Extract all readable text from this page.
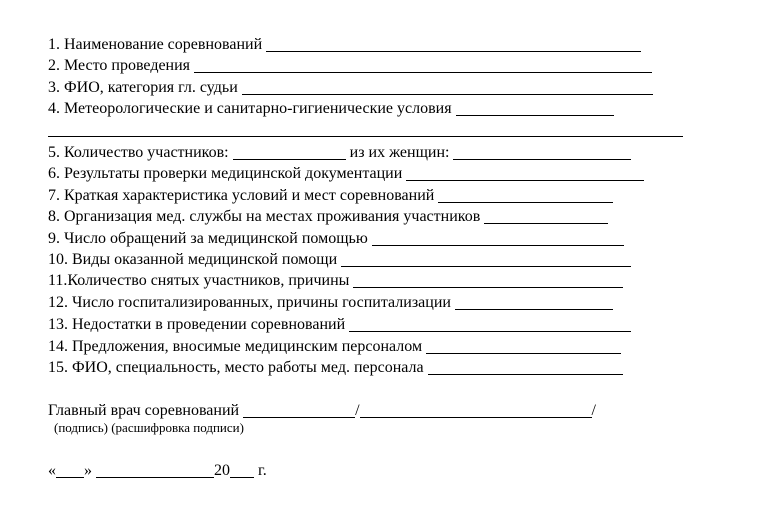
1. Наименование соревнований
2. Место проведения
3. ФИО, категория гл. судьи
4. Метеорологические и санитарно-гигиенические условия
5. Количество участников:	из их женщин:
6. Результаты проверки медицинской документации
7. Краткая характеристика условий и мест соревнований
8. Организация мед. службы на местах проживания участников
9. Число обращений за медицинской помощью
10. Виды оказанной медицинской помощи
11.Количество снятых участников, причины
12. Число госпитализированных, причины госпитализации
13. Недостатки в проведении соревнований
14. Предложения, вносимые медицинским персоналом
15. ФИО, специальность, место работы мед. персонала
Главный врач соревнований	/	/
(подпись) (расшифровка подписи)
« »	20 г.
